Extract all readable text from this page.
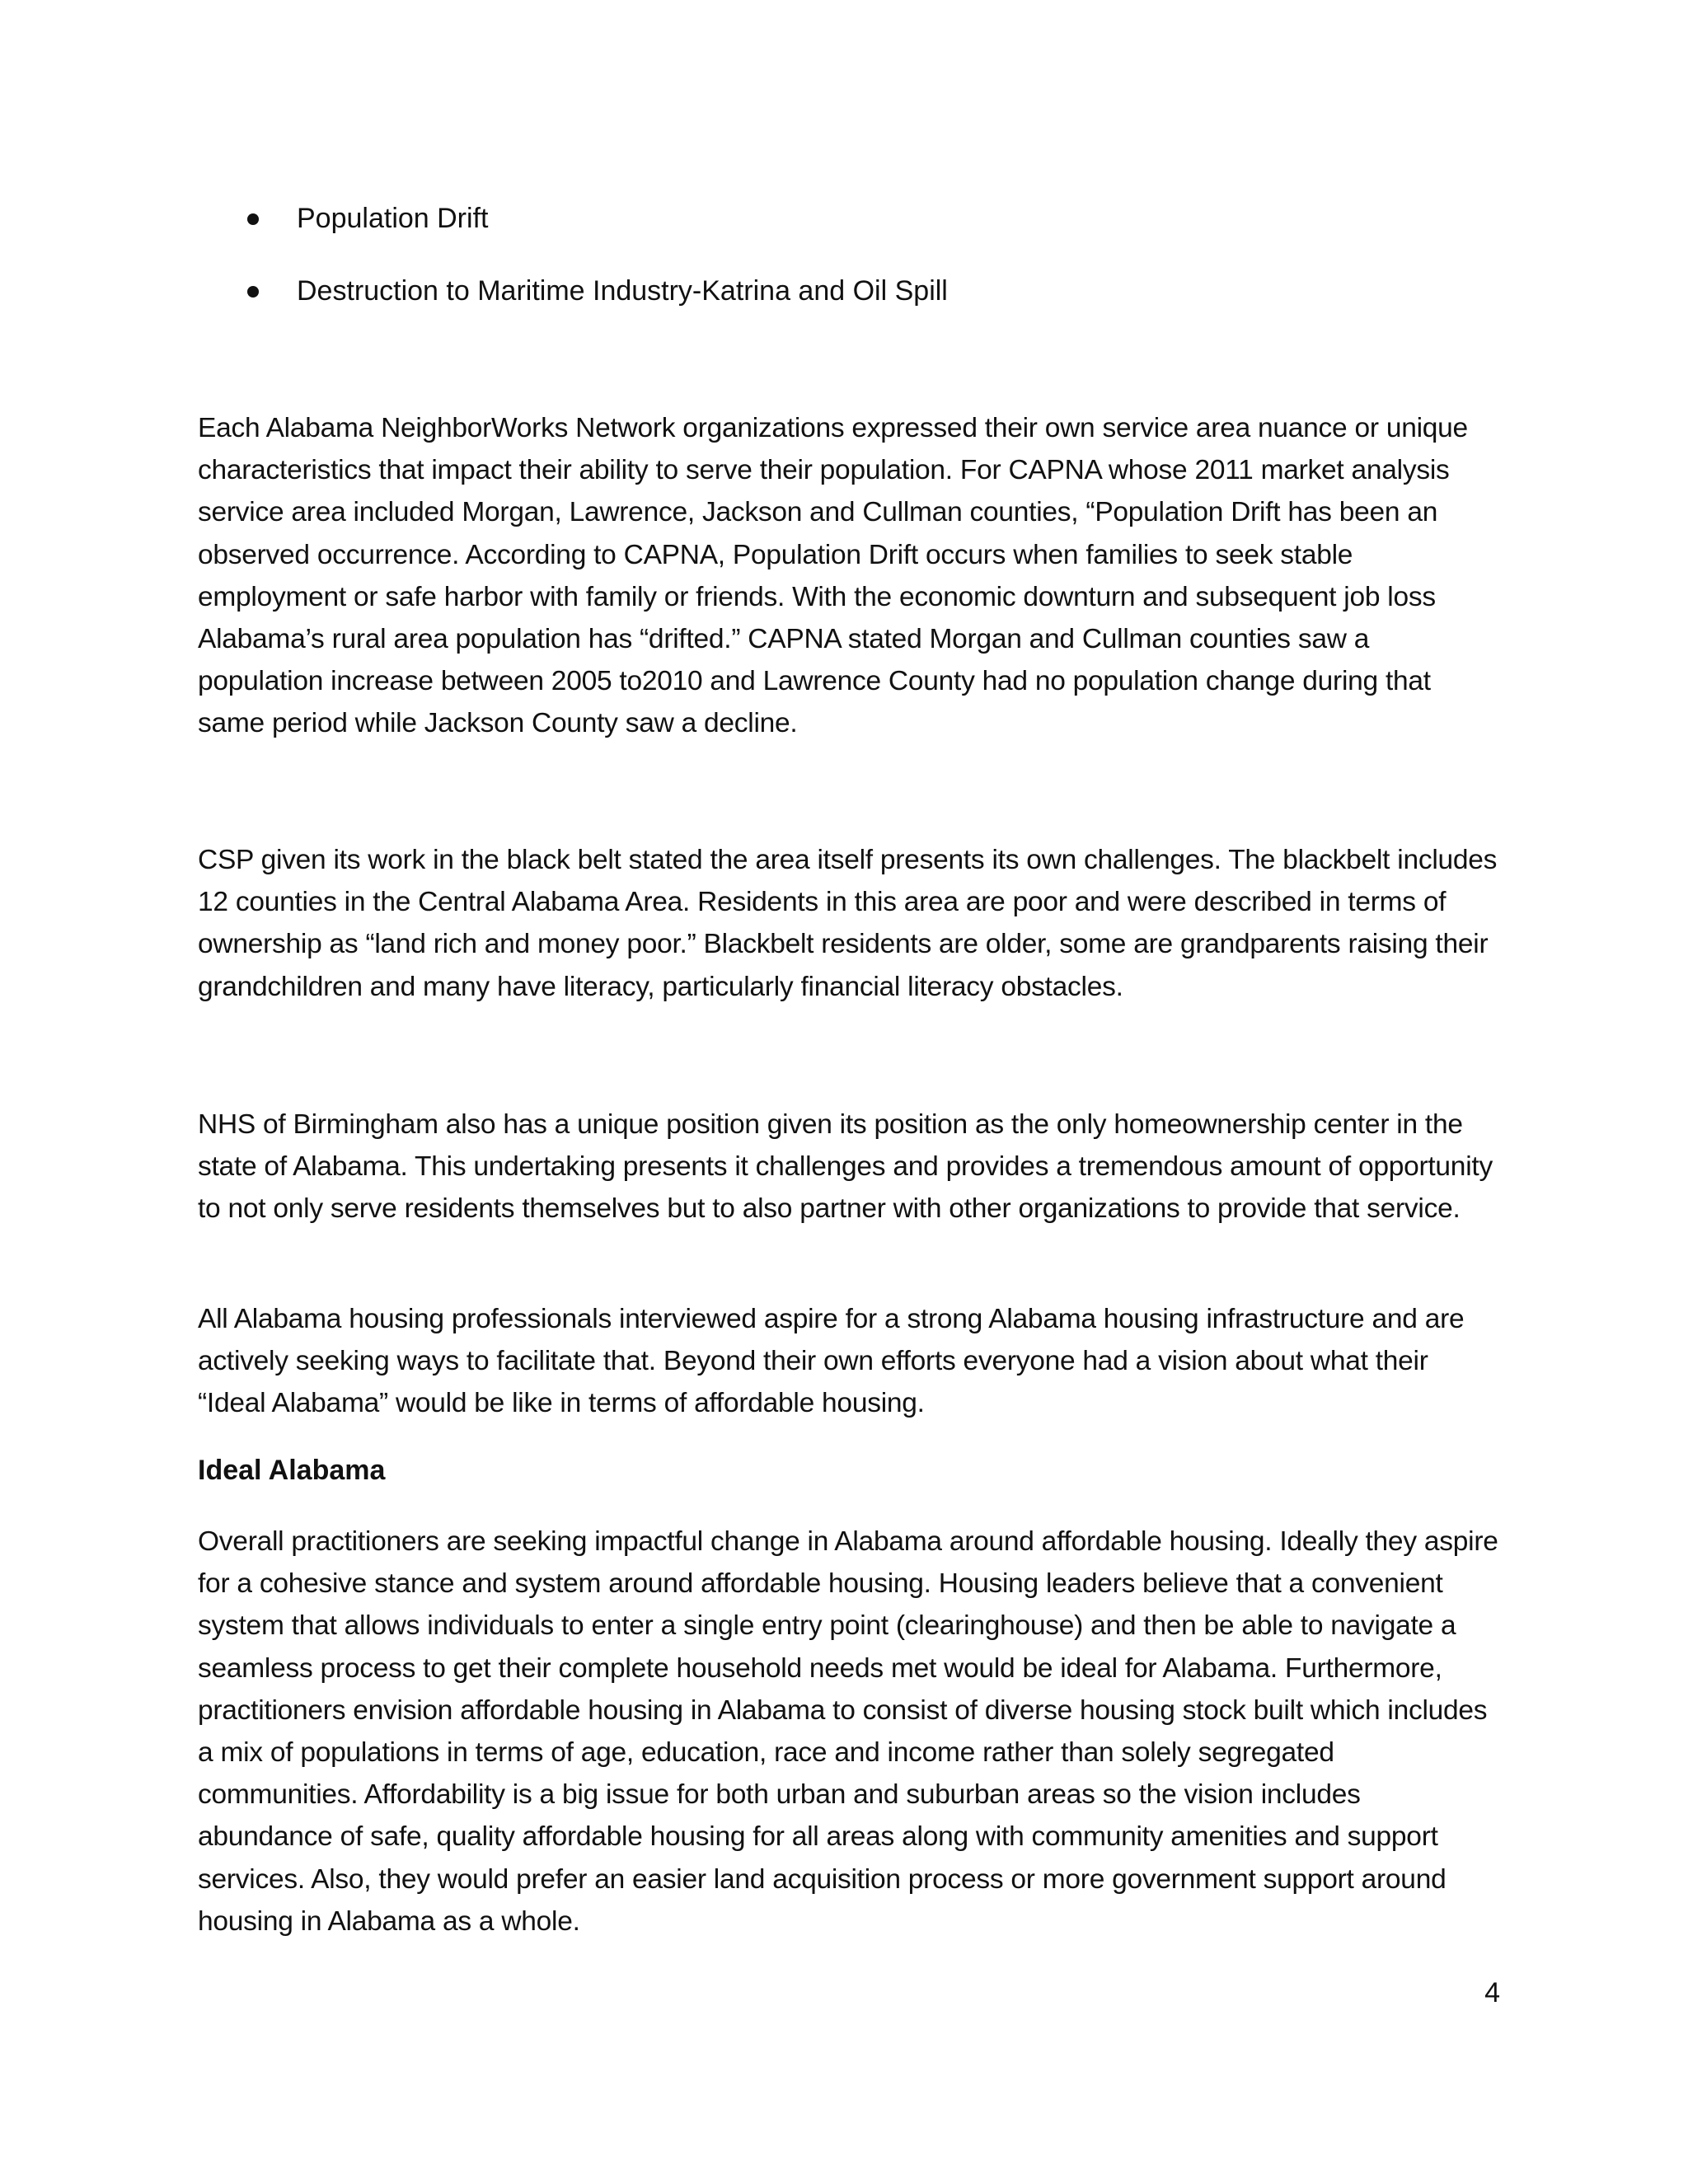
Population Drift
Destruction to Maritime Industry-Katrina and Oil Spill

Each Alabama NeighborWorks Network organizations expressed their own service area nuance or unique characteristics that impact their ability to serve their population. For CAPNA whose 2011 market analysis service area included Morgan, Lawrence, Jackson and Cullman counties, “Population Drift has been an observed occurrence. According to CAPNA, Population Drift occurs when families to seek stable employment or safe harbor with family or friends. With the economic downturn and subsequent job loss Alabama’s rural area population has “drifted.” CAPNA stated Morgan and Cullman counties saw a population increase between 2005 to2010 and Lawrence County had no population change during that same period while Jackson County saw a decline.

CSP given its work in the black belt stated the area itself presents its own challenges. The blackbelt includes 12 counties in the Central Alabama Area. Residents in this area are poor and were described in terms of ownership as “land rich and money poor.” Blackbelt residents are older, some are grandparents raising their grandchildren and many have literacy, particularly financial literacy obstacles.

NHS of Birmingham also has a unique position given its position as the only homeownership center in the state of Alabama. This undertaking presents it challenges and provides a tremendous amount of opportunity to not only serve residents themselves but to also partner with other organizations to provide that service.

All Alabama housing professionals interviewed aspire for a strong Alabama housing infrastructure and are actively seeking ways to facilitate that. Beyond their own efforts everyone had a vision about what their “Ideal Alabama” would be like in terms of affordable housing.

Ideal Alabama

Overall practitioners are seeking impactful change in Alabama around affordable housing. Ideally they aspire for a cohesive stance and system around affordable housing. Housing leaders believe that a convenient system that allows individuals to enter a single entry point (clearinghouse) and then be able to navigate a seamless process to get their complete household needs met would be ideal for Alabama. Furthermore, practitioners envision affordable housing in Alabama to consist of diverse housing stock built which includes a mix of populations in terms of age, education, race and income rather than solely segregated communities. Affordability is a big issue for both urban and suburban areas so the vision includes abundance of safe, quality affordable housing for all areas along with community amenities and support services. Also, they would prefer an easier land acquisition process or more government support around housing in Alabama as a whole.

4
